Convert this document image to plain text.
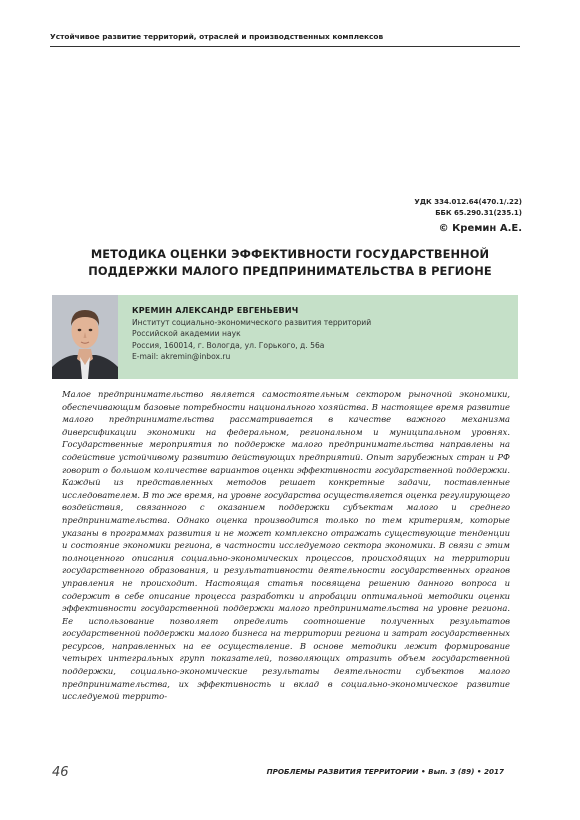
Устойчивое развитие территорий, отраслей и производственных комплексов
УДК 334.012.64(470.1/.22)
ББК 65.290.31(235.1)
© Кремин А.Е.
МЕТОДИКА ОЦЕНКИ ЭФФЕКТИВНОСТИ ГОСУДАРСТВЕННОЙ ПОДДЕРЖКИ МАЛОГО ПРЕДПРИНИМАТЕЛЬСТВА В РЕГИОНЕ
КРЕМИН АЛЕКСАНДР ЕВГЕНЬЕВИЧ
Институт социально-экономического развития территорий
Российской академии наук
Россия, 160014, г. Вологда, ул. Горького, д. 56а
E-mail: akremin@inbox.ru

Малое предпринимательство является самостоятельным сектором рыночной экономики, обеспечивающим базовые потребности национального хозяйства. В настоящее время развитие малого предпринимательства рассматривается в качестве важного механизма диверсификации экономики на федеральном, региональном и муниципальном уровнях. Государственные мероприятия по поддержке малого предпринимательства направлены на содействие устойчивому развитию действующих предприятий. Опыт зарубежных стран и РФ говорит о большом количестве вариантов оценки эффективности государственной поддержки. Каждый из представленных методов решает конкретные задачи, поставленные исследователем. В то же время, на уровне государства осуществляется оценка регулирующего воздействия, связанного с оказанием поддержки субъектам малого и среднего предпринимательства. Однако оценка производится только по тем критериям, которые указаны в программах развития и не может комплексно отражать существующие тенденции и состояние экономики региона, в частности исследуемого сектора экономики. В связи с этим полноценного описания социально-экономических процессов, происходящих на территории государственного образования, и результативности деятельности государственных органов управления не происходит. Настоящая статья посвящена решению данного вопроса и содержит в себе описание процесса разработки и апробации оптимальной методики оценки эффективности государственной поддержки малого предпринимательства на уровне региона. Ее использование позволяет определить соотношение полученных результатов государственной поддержки малого бизнеса на территории региона и затрат государственных ресурсов, направленных на ее осуществление. В основе методики лежит формирование четырех интегральных групп показателей, позволяющих отразить объем государственной поддержки, социально-экономические результаты деятельности субъектов малого предпринимательства, их эффективность и вклад в социально-экономическое развитие исследуемой террито-

46	ПРОБЛЕМЫ РАЗВИТИЯ ТЕРРИТОРИИ • Вып. 3 (89) • 2017
